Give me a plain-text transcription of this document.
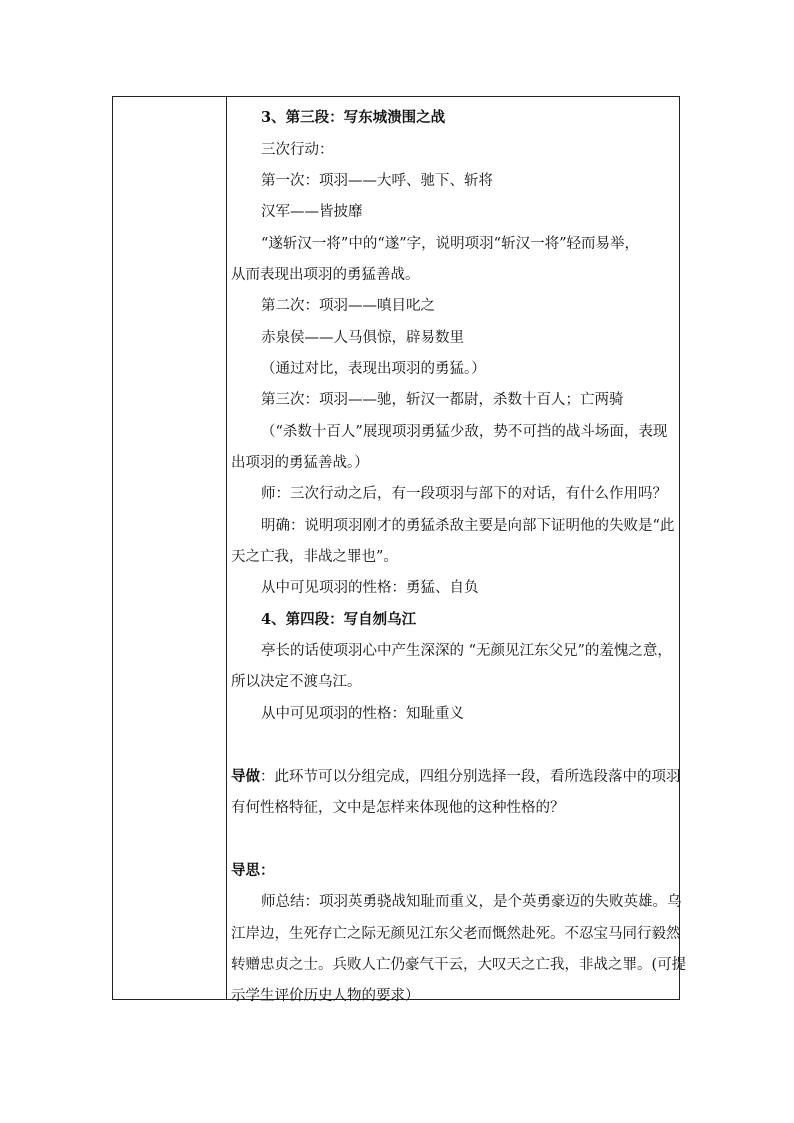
3、第三段：写东城溃围之战
三次行动：
第一次：项羽——大呼、驰下、斩将
汉军——皆披靡
“遂斩汉一将”中的“遂”字，说明项羽“斩汉一将”轻而易举，
从而表现出项羽的勇猛善战。
第二次：项羽——嗔目叱之
赤泉侯——人马俱惊，辟易数里
（通过对比，表现出项羽的勇猛。）
第三次：项羽——驰，斩汉一都尉，杀数十百人；亡两骑
（“杀数十百人”展现项羽勇猛少敌，势不可挡的战斗场面，表现
出项羽的勇猛善战。）
师：三次行动之后，有一段项羽与部下的对话，有什么作用吗？
明确：说明项羽刚才的勇猛杀敌主要是向部下证明他的失败是“此
天之亡我，非战之罪也”。
从中可见项羽的性格：勇猛、自负
4、第四段：写自刎乌江
亭长的话使项羽心中产生深深的 “无颜见江东父兄”的羞愧之意，
所以决定不渡乌江。
从中可见项羽的性格：知耻重义
导做：此环节可以分组完成，四组分别选择一段，看所选段落中的项羽
有何性格特征，文中是怎样来体现他的这种性格的？
导思：
师总结：项羽英勇骁战知耻而重义，是个英勇豪迈的失败英雄。乌
江岸边，生死存亡之际无颜见江东父老而慨然赴死。不忍宝马同行毅然
转赠忠贞之士。兵败人亡仍豪气干云，大叹天之亡我，非战之罪。(可提
示学生评价历史人物的要求）
